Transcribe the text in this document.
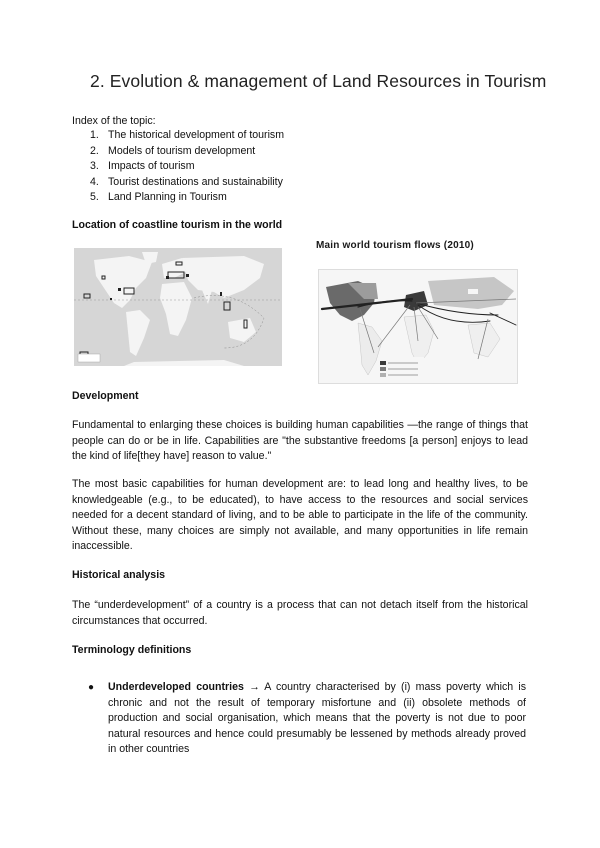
2. Evolution & management of Land Resources in Tourism
Index of the topic:
1. The historical development of tourism
2. Models of tourism development
3. Impacts of tourism
4. Tourist destinations and sustainability
5. Land Planning in Tourism
Location of coastline tourism in the world
Main world tourism flows (2010)
Development

Fundamental to enlarging these choices is building human capabilities —the range of things that people can do or be in life. Capabilities are "the substantive freedoms [a person] enjoys to lead the kind of life[they have] reason to value."

The most basic capabilities for human development are: to lead long and healthy lives, to be knowledgeable (e.g., to be educated), to have access to the resources and social services needed for a decent standard of living, and to be able to participate in the life of the community. Without these, many choices are simply not available, and many opportunities in life remain inaccessible.

Historical analysis

The “underdevelopment” of a country is a process that can not detach itself from the historical circumstances that occurred.

Terminology definitions
●	Underdeveloped countries → A country characterised by (i) mass poverty which is chronic and not the result of temporary misfortune and (ii) obsolete methods of production and social organisation, which means that the poverty is not due to poor natural resources and hence could presumably be lessened by methods already proved in other countries
